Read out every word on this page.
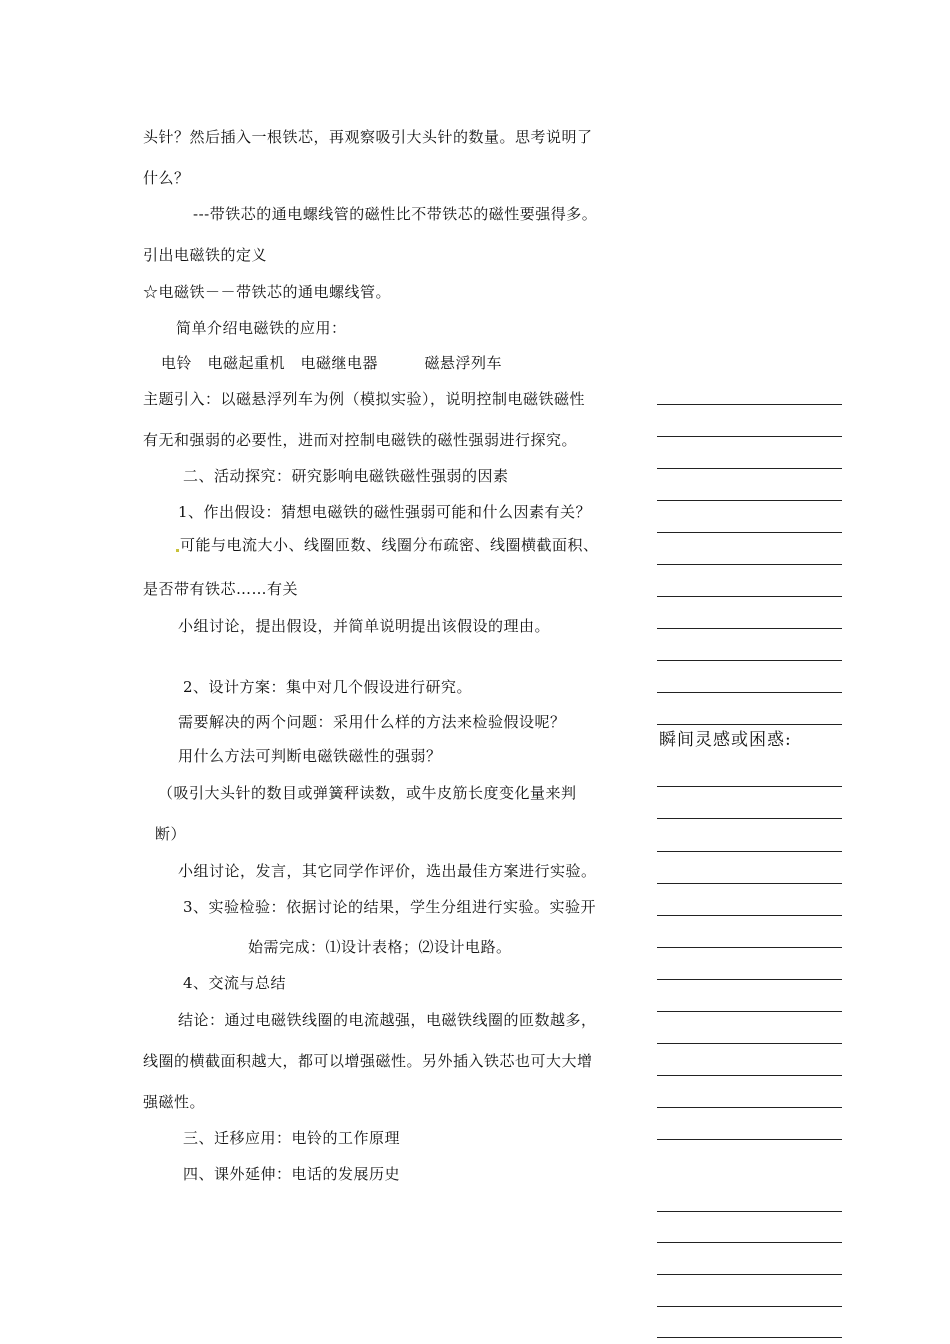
头针？然后插入一根铁芯，再观察吸引大头针的数量。思考说明了
什么？
---带铁芯的通电螺线管的磁性比不带铁芯的磁性要强得多。
引出电磁铁的定义
☆电磁铁－－带铁芯的通电螺线管。
简单介绍电磁铁的应用：
电铃　电磁起重机　电磁继电器　　　磁悬浮列车
主题引入：以磁悬浮列车为例（模拟实验），说明控制电磁铁磁性
有无和强弱的必要性，进而对控制电磁铁的磁性强弱进行探究。
二、活动探究：研究影响电磁铁磁性强弱的因素
1、作出假设：猜想电磁铁的磁性强弱可能和什么因素有关？
可能与电流大小、线圈匝数、线圈分布疏密、线圈横截面积、
是否带有铁芯……有关
小组讨论，提出假设，并简单说明提出该假设的理由。
2、设计方案：集中对几个假设进行研究。
需要解决的两个问题：采用什么样的方法来检验假设呢？
用什么方法可判断电磁铁磁性的强弱？
（吸引大头针的数目或弹簧秤读数，或牛皮筋长度变化量来判
断）
小组讨论，发言，其它同学作评价，选出最佳方案进行实验。
3、实验检验：依据讨论的结果，学生分组进行实验。实验开
始需完成：⑴设计表格；⑵设计电路。
4、交流与总结
结论：通过电磁铁线圈的电流越强，电磁铁线圈的匝数越多，
线圈的横截面积越大，都可以增强磁性。另外插入铁芯也可大大增
强磁性。
三、迁移应用：电铃的工作原理
四、课外延伸：电话的发展历史
瞬间灵感或困惑:
